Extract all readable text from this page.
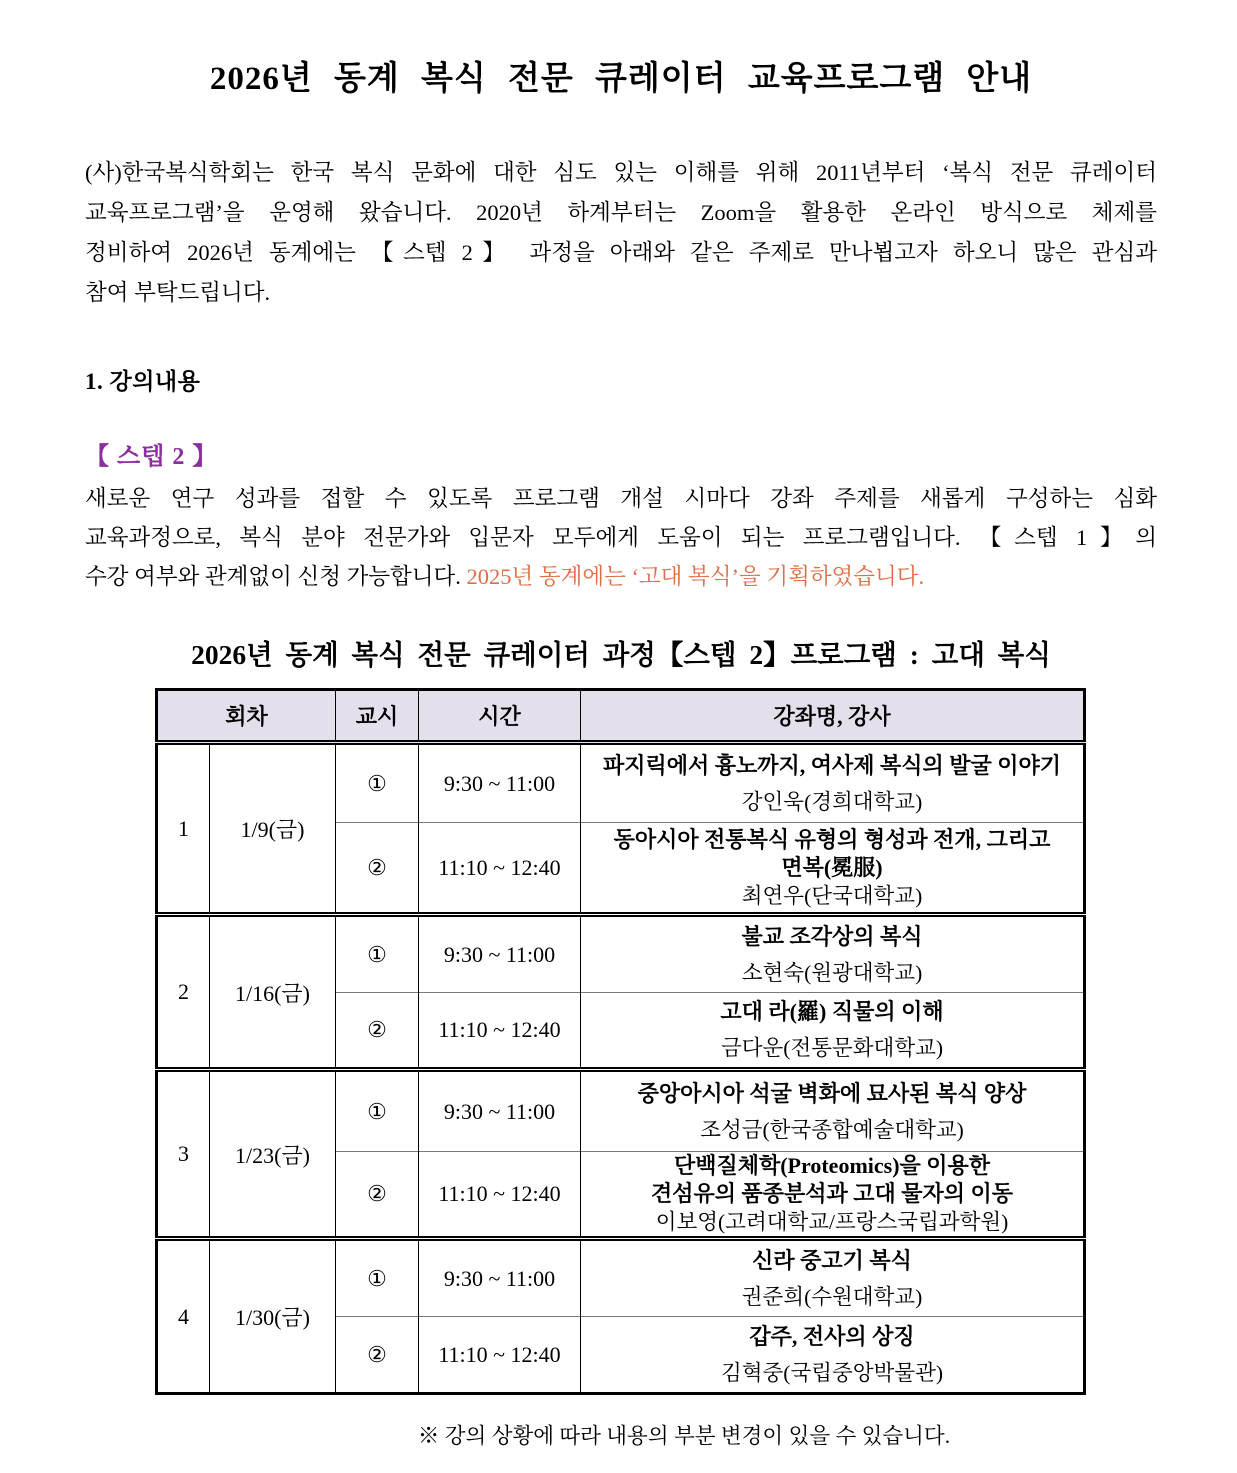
2026년 동계 복식 전문 큐레이터 교육프로그램 안내
(사)한국복식학회는 한국 복식 문화에 대한 심도 있는 이해를 위해 2011년부터 ‘복식 전문 큐레이터
교육프로그램’을 운영해 왔습니다. 2020년 하계부터는 Zoom을 활용한 온라인 방식으로 체제를
정비하여 2026년 동계에는 【스텝 2】 과정을 아래와 같은 주제로 만나뵙고자 하오니 많은 관심과
참여 부탁드립니다.
1. 강의내용
【 스텝 2 】
새로운 연구 성과를 접할 수 있도록 프로그램 개설 시마다 강좌 주제를 새롭게 구성하는 심화
교육과정으로, 복식 분야 전문가와 입문자 모두에게 도움이 되는 프로그램입니다. 【스텝 1】의
수강 여부와 관계없이 신청 가능합니다. 2025년 동계에는 ‘고대 복식’을 기획하였습니다.
2026년 동계 복식 전문 큐레이터 과정【스텝 2】프로그램 : 고대 복식
회차		교시	시간	강좌명, 강사
1	1/9(금)	①	9:30 ~ 11:00	파지릭에서 흉노까지, 여사제 복식의 발굴 이야기
강인욱(경희대학교)

		②	11:10 ~ 12:40	동아시아 전통복식 유형의 형성과 전개, 그리고
면복(冕服)
최연우(단국대학교)

2	1/16(금)	①	9:30 ~ 11:00	불교 조각상의 복식
소현숙(원광대학교)

		②	11:10 ~ 12:40	고대 라(羅) 직물의 이해
금다운(전통문화대학교)

3	1/23(금)	①	9:30 ~ 11:00	중앙아시아 석굴 벽화에 묘사된 복식 양상
조성금(한국종합예술대학교)

		②	11:10 ~ 12:40	단백질체학(Proteomics)을 이용한
견섬유의 품종분석과 고대 물자의 이동
이보영(고려대학교/프랑스국립과학원)

4	1/30(금)	①	9:30 ~ 11:00	신라 중고기 복식
권준희(수원대학교)

		②	11:10 ~ 12:40	갑주, 전사의 상징
김혁중(국립중앙박물관)
※ 강의 상황에 따라 내용의 부분 변경이 있을 수 있습니다.
